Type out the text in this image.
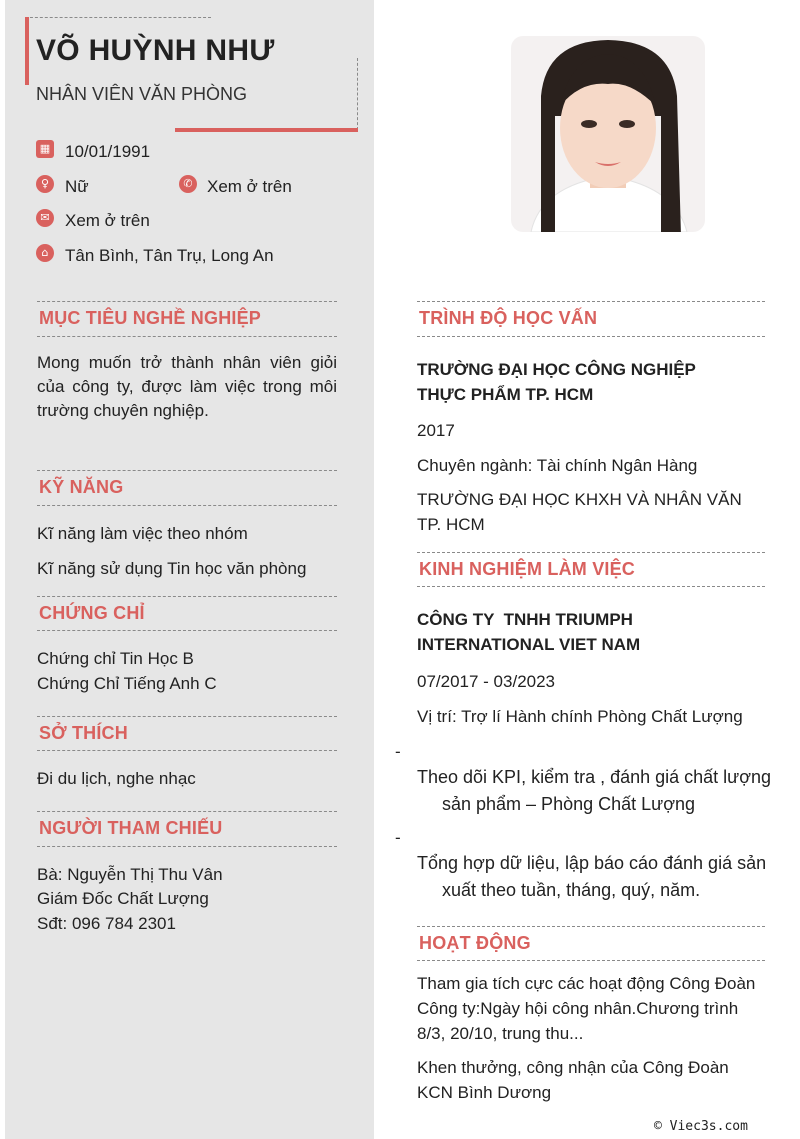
VÕ HUỲNH NHƯ
NHÂN VIÊN VĂN PHÒNG
▦ 10/01/1991
♀ Nữ	✆ Xem ở trên
✉ Xem ở trên
⌂ Tân Bình, Tân Trụ, Long An
MỤC TIÊU NGHỀ NGHIỆP
Mong muốn trở thành nhân viên giỏi của công ty, được làm việc trong môi trường chuyên nghiệp.
KỸ NĂNG
Kĩ năng làm việc theo nhóm
Kĩ năng sử dụng Tin học văn phòng
CHỨNG CHỈ
Chứng chỉ Tin Học B
Chứng Chỉ Tiếng Anh C
SỞ THÍCH
Đi du lịch, nghe nhạc
NGƯỜI THAM CHIẾU
Bà: Nguyễn Thị Thu Vân
Giám Đốc Chất Lượng
Sđt: 096 784 2301
TRÌNH ĐỘ HỌC VẤN
TRƯỜNG ĐẠI HỌC CÔNG NGHIỆP THỰC PHẨM TP. HCM
2017
Chuyên ngành: Tài chính Ngân Hàng
TRƯỜNG ĐẠI HỌC KHXH VÀ NHÂN VĂN TP. HCM
KINH NGHIỆM LÀM VIỆC
CÔNG TY  TNHH TRIUMPH INTERNATIONAL VIET NAM
07/2017 - 03/2023
Vị trí: Trợ lí Hành chính Phòng Chất Lượng
-
Theo dõi KPI, kiểm tra , đánh giá chất lượng sản phẩm – Phòng Chất Lượng
-
Tổng hợp dữ liệu, lập báo cáo đánh giá sản xuất theo tuần, tháng, quý, năm.
HOẠT ĐỘNG
Tham gia tích cực các hoạt động Công Đoàn Công ty:Ngày hội công nhân.Chương trình 8/3, 20/10, trung thu...
Khen thưởng, công nhận của Công Đoàn KCN Bình Dương
© Viec3s.com
